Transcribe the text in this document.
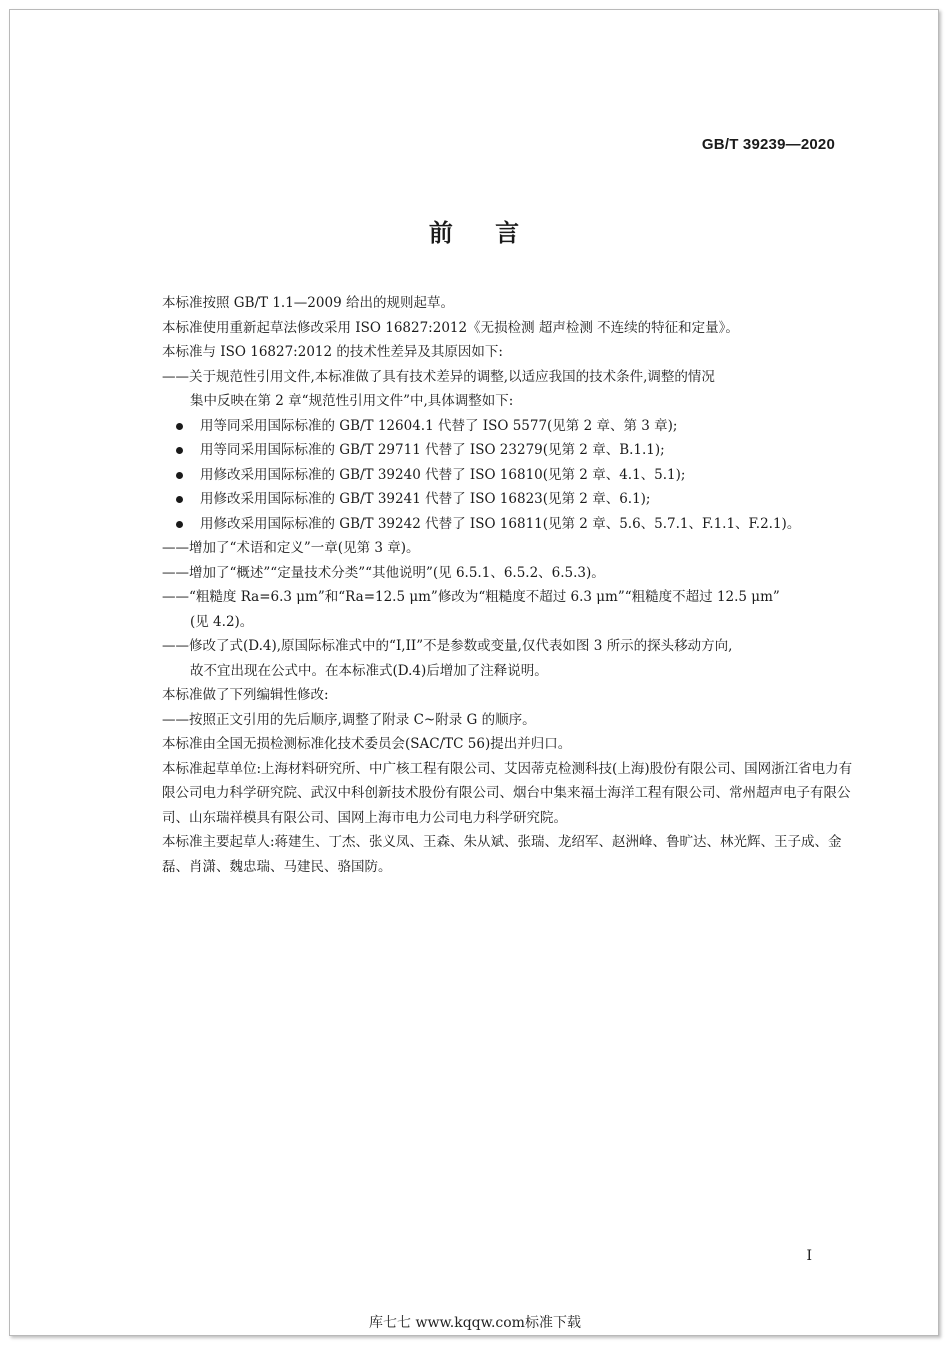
GB/T 39239—2020
前 言

本标准按照 GB/T 1.1—2009 给出的规则起草。

本标准使用重新起草法修改采用 ISO 16827:2012《无损检测 超声检测 不连续的特征和定量》。

本标准与 ISO 16827:2012 的技术性差异及其原因如下:

——关于规范性引用文件,本标准做了具有技术差异的调整,以适应我国的技术条件,调整的情况

集中反映在第 2 章“规范性引用文件”中,具体调整如下:

用等同采用国际标准的 GB/T 12604.1 代替了 ISO 5577(见第 2 章、第 3 章);

用等同采用国际标准的 GB/T 29711 代替了 ISO 23279(见第 2 章、B.1.1);

用修改采用国际标准的 GB/T 39240 代替了 ISO 16810(见第 2 章、4.1、5.1);

用修改采用国际标准的 GB/T 39241 代替了 ISO 16823(见第 2 章、6.1);

用修改采用国际标准的 GB/T 39242 代替了 ISO 16811(见第 2 章、5.6、5.7.1、F.1.1、F.2.1)。

——增加了“术语和定义”一章(见第 3 章)。

——增加了“概述”“定量技术分类”“其他说明”(见 6.5.1、6.5.2、6.5.3)。

——“粗糙度 Ra=6.3 μm”和“Ra=12.5 μm”修改为“粗糙度不超过 6.3 μm”“粗糙度不超过 12.5 μm”

(见 4.2)。

——修改了式(D.4),原国际标准式中的“I,II”不是参数或变量,仅代表如图 3 所示的探头移动方向,

故不宜出现在公式中。在本标准式(D.4)后增加了注释说明。

本标准做了下列编辑性修改:

——按照正文引用的先后顺序,调整了附录 C~附录 G 的顺序。

本标准由全国无损检测标准化技术委员会(SAC/TC 56)提出并归口。

本标准起草单位:上海材料研究所、中广核工程有限公司、艾因蒂克检测科技(上海)股份有限公司、国网浙江省电力有限公司电力科学研究院、武汉中科创新技术股份有限公司、烟台中集来福士海洋工程有限公司、常州超声电子有限公司、山东瑞祥模具有限公司、国网上海市电力公司电力科学研究院。

本标准主要起草人:蒋建生、丁杰、张义凤、王森、朱从斌、张瑞、龙绍军、赵洲峰、鲁旷达、林光辉、王子成、金磊、肖潇、魏忠瑞、马建民、骆国防。

I
库七七 www.kqqw.com标准下载
